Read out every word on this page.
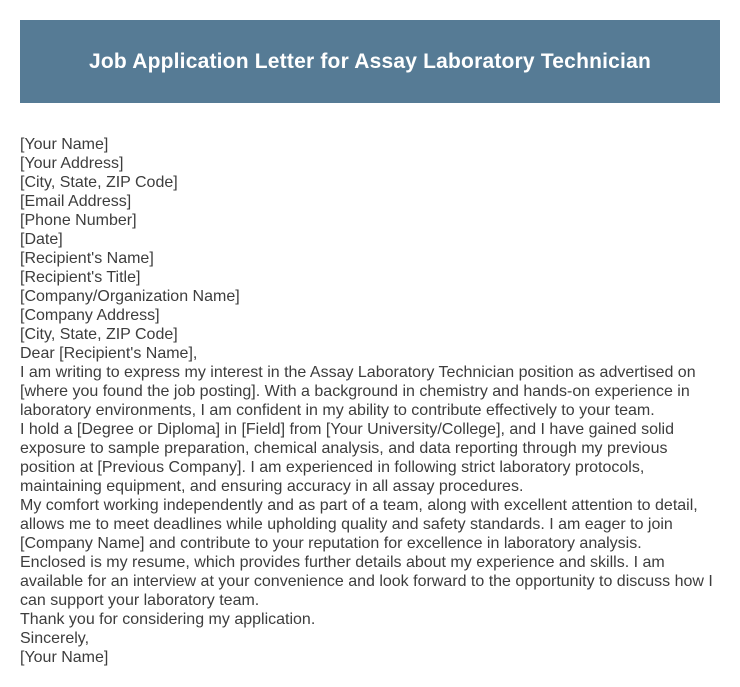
Job Application Letter for Assay Laboratory Technician

[Your Name]

[Your Address]

[City, State, ZIP Code]

[Email Address]

[Phone Number]

[Date]

[Recipient's Name]

[Recipient's Title]

[Company/Organization Name]

[Company Address]

[City, State, ZIP Code]

Dear [Recipient's Name],

I am writing to express my interest in the Assay Laboratory Technician position as advertised on [where you found the job posting]. With a background in chemistry and hands-on experience in laboratory environments, I am confident in my ability to contribute effectively to your team.

I hold a [Degree or Diploma] in [Field] from [Your University/College], and I have gained solid exposure to sample preparation, chemical analysis, and data reporting through my previous position at [Previous Company]. I am experienced in following strict laboratory protocols, maintaining equipment, and ensuring accuracy in all assay procedures.

My comfort working independently and as part of a team, along with excellent attention to detail, allows me to meet deadlines while upholding quality and safety standards. I am eager to join [Company Name] and contribute to your reputation for excellence in laboratory analysis.

Enclosed is my resume, which provides further details about my experience and skills. I am available for an interview at your convenience and look forward to the opportunity to discuss how I can support your laboratory team.

Thank you for considering my application.

Sincerely,

[Your Name]
